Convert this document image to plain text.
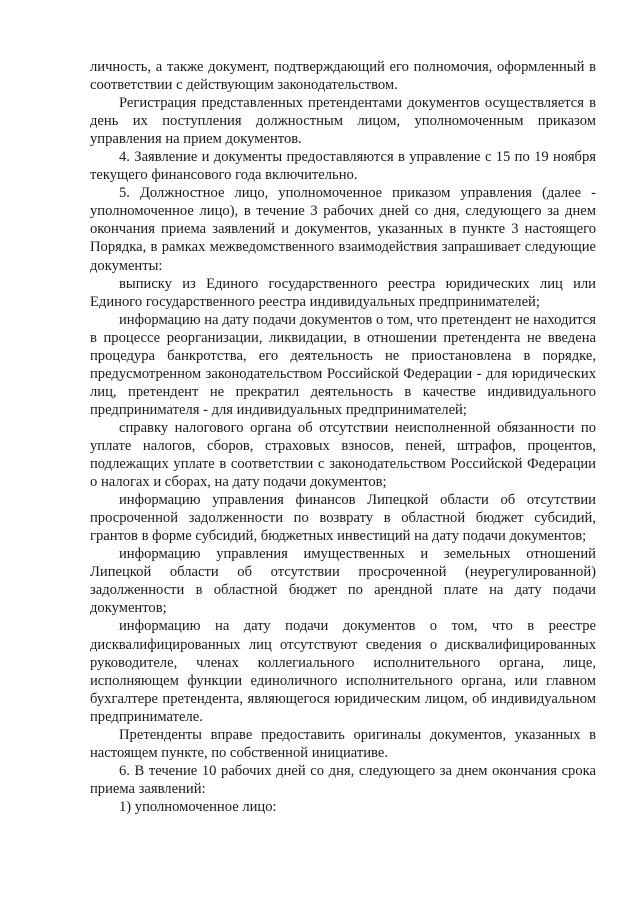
личность, а также документ, подтверждающий его полномочия, оформленный в соответствии с действующим законодательством.

Регистрация представленных претендентами документов осуществляется в день их поступления должностным лицом, уполномоченным приказом управления на прием документов.

4. Заявление и документы предоставляются в управление с 15 по 19 ноября текущего финансового года включительно.

5. Должностное лицо, уполномоченное приказом управления (далее - уполномоченное лицо), в течение 3 рабочих дней со дня, следующего за днем окончания приема заявлений и документов, указанных в пункте 3 настоящего Порядка, в рамках межведомственного взаимодействия запрашивает следующие документы:

выписку из Единого государственного реестра юридических лиц или Единого государственного реестра индивидуальных предпринимателей;

информацию на дату подачи документов о том, что претендент не находится в процессе реорганизации, ликвидации, в отношении претендента не введена процедура банкротства, его деятельность не приостановлена в порядке, предусмотренном законодательством Российской Федерации - для юридических лиц, претендент не прекратил деятельность в качестве индивидуального предпринимателя - для индивидуальных предпринимателей;

справку налогового органа об отсутствии неисполненной обязанности по уплате налогов, сборов, страховых взносов, пеней, штрафов, процентов, подлежащих уплате в соответствии с законодательством Российской Федерации о налогах и сборах, на дату подачи документов;

информацию управления финансов Липецкой области об отсутствии просроченной задолженности по возврату в областной бюджет субсидий, грантов в форме субсидий, бюджетных инвестиций на дату подачи документов;

информацию управления имущественных и земельных отношений Липецкой области об отсутствии просроченной (неурегулированной) задолженности в областной бюджет по арендной плате на дату подачи документов;

информацию на дату подачи документов о том, что в реестре дисквалифицированных лиц отсутствуют сведения о дисквалифицированных руководителе, членах коллегиального исполнительного органа, лице, исполняющем функции единоличного исполнительного органа, или главном бухгалтере претендента, являющегося юридическим лицом, об индивидуальном предпринимателе.

Претенденты вправе предоставить оригиналы документов, указанных в настоящем пункте, по собственной инициативе.

6. В течение 10 рабочих дней со дня, следующего за днем окончания срока приема заявлений:

1) уполномоченное лицо:
